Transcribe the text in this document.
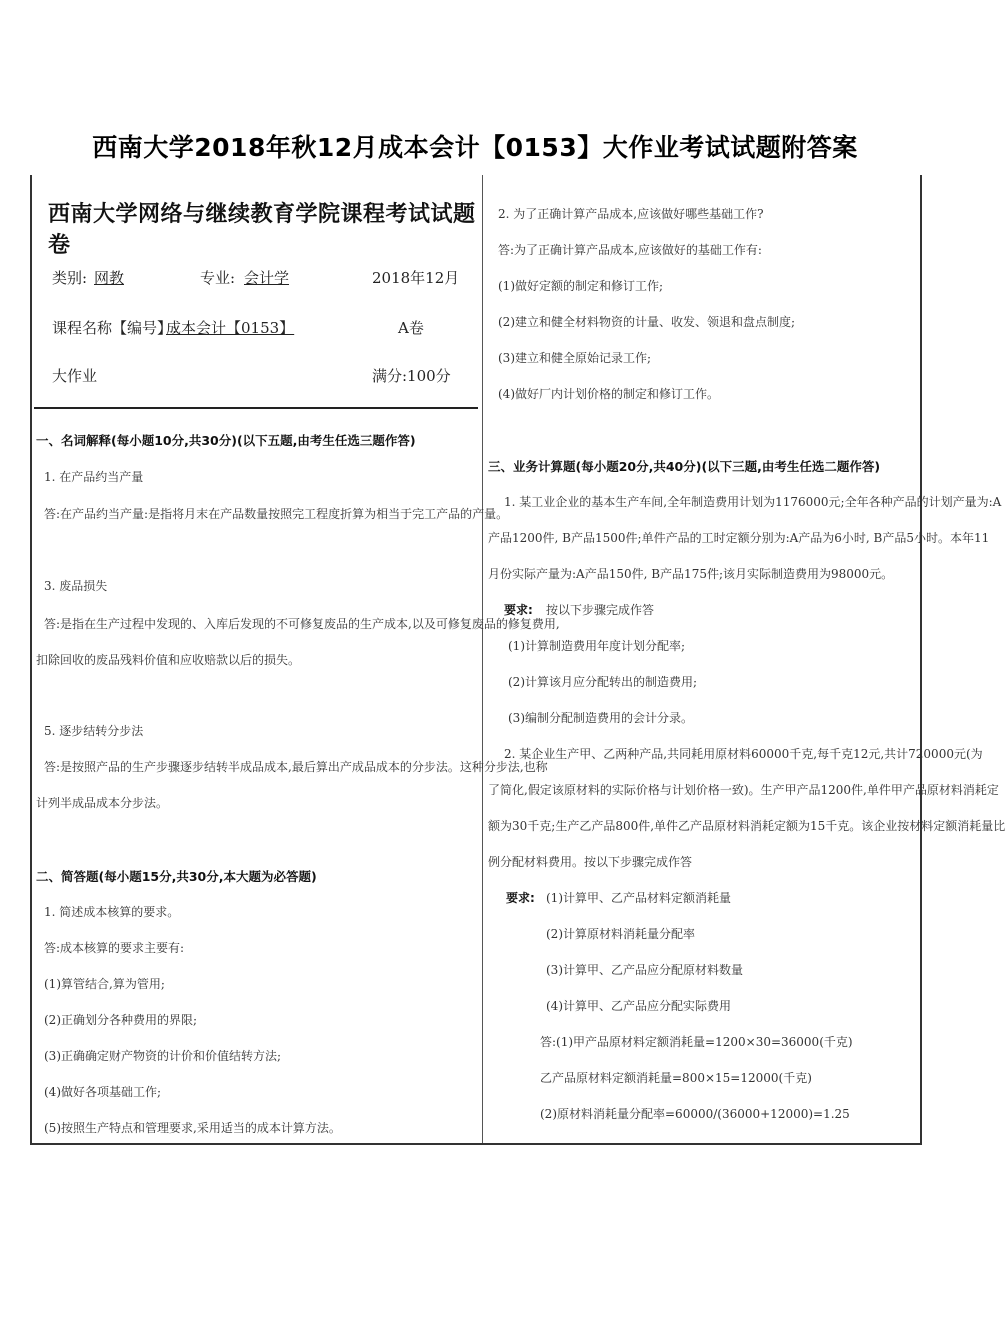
西南大学2018年秋12月成本会计【0153】大作业考试试题附答案
西南大学网络与继续教育学院课程考试试题卷
类别: 网教	专业: 会计学	2018年12月
课程名称【编号】:
成本会计【0153】	A卷
大作业	满分:100分
一、名词解释(每小题10分,共30分)(以下五题,由考生任选三题作答)
1. 在产品约当产量
答:在产品约当产量:是指将月末在产品数量按照完工程度折算为相当于完工产品的产量。
3. 废品损失
答:是指在生产过程中发现的、入库后发现的不可修复废品的生产成本,以及可修复废品的修复费用,
扣除回收的废品残料价值和应收赔款以后的损失。
5. 逐步结转分步法
答:是按照产品的生产步骤逐步结转半成品成本,最后算出产成品成本的分步法。这种分步法,也称
计列半成品成本分步法。
二、简答题(每小题15分,共30分,本大题为必答题)
1. 简述成本核算的要求。
答:成本核算的要求主要有:
(1)算管结合,算为管用;
(2)正确划分各种费用的界限;
(3)正确确定财产物资的计价和价值结转方法;
(4)做好各项基础工作;
(5)按照生产特点和管理要求,采用适当的成本计算方法。
2. 为了正确计算产品成本,应该做好哪些基础工作?
答:为了正确计算产品成本,应该做好的基础工作有:
(1)做好定额的制定和修订工作;
(2)建立和健全材料物资的计量、收发、领退和盘点制度;
(3)建立和健全原始记录工作;
(4)做好厂内计划价格的制定和修订工作。
三、业务计算题(每小题20分,共40分)(以下三题,由考生任选二题作答)
1. 某工业企业的基本生产车间,全年制造费用计划为1176000元;全年各种产品的计划产量为:A
产品1200件, B产品1500件;单件产品的工时定额分别为:A产品为6小时, B产品5小时。本年11
月份实际产量为:A产品150件, B产品175件;该月实际制造费用为98000元。
要求: 按以下步骤完成作答
(1)计算制造费用年度计划分配率;
(2)计算该月应分配转出的制造费用;
(3)编制分配制造费用的会计分录。
2. 某企业生产甲、乙两种产品,共同耗用原材料60000千克,每千克12元,共计720000元(为
了简化,假定该原材料的实际价格与计划价格一致)。生产甲产品1200件,单件甲产品原材料消耗定
额为30千克;生产乙产品800件,单件乙产品原材料消耗定额为15千克。该企业按材料定额消耗量比
例分配材料费用。按以下步骤完成作答
要求: (1)计算甲、乙产品材料定额消耗量
(2)计算原材料消耗量分配率
(3)计算甲、乙产品应分配原材料数量
(4)计算甲、乙产品应分配实际费用
答:(1)甲产品原材料定额消耗量=1200×30=36000(千克)
乙产品原材料定额消耗量=800×15=12000(千克)
(2)原材料消耗量分配率=60000/(36000+12000)=1.25
